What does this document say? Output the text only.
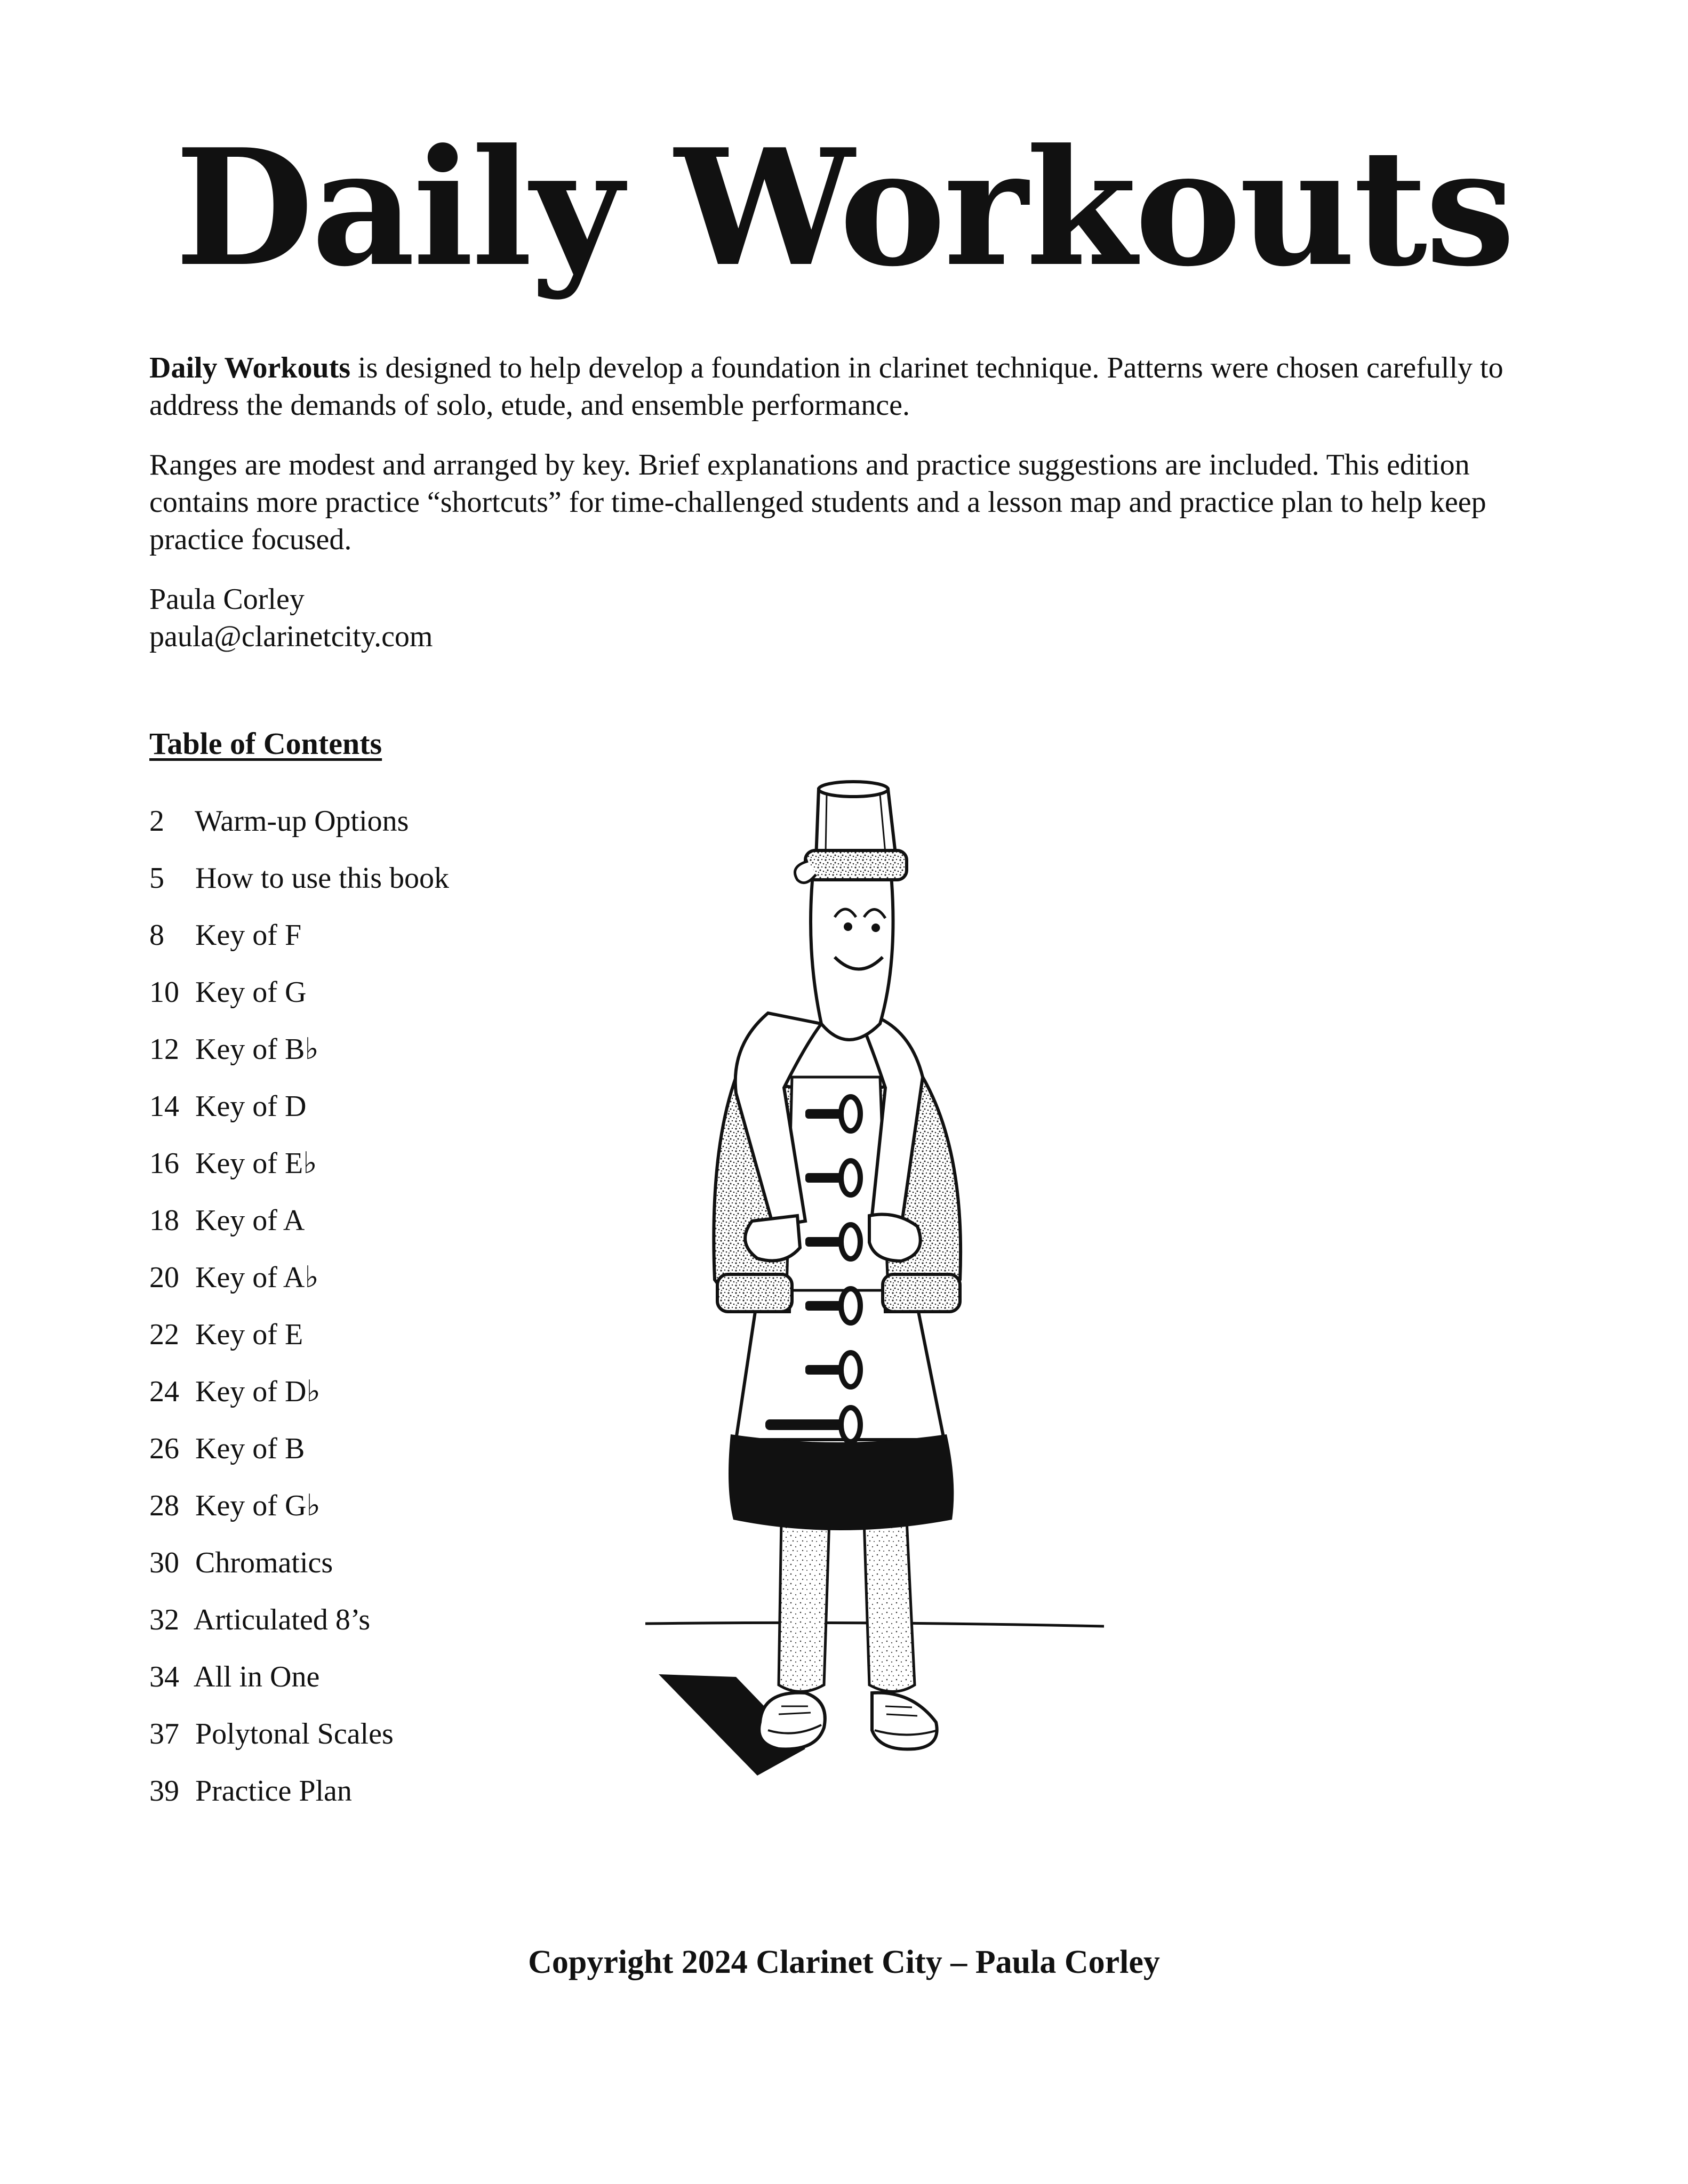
Daily Workouts

Daily Workouts is designed to help develop a foundation in clarinet technique. Patterns were chosen carefully to address the demands of solo, etude, and ensemble performance.

Ranges are modest and arranged by key. Brief explanations and practice suggestions are included. This edition contains more practice “shortcuts” for time-challenged students and a lesson map and practice plan to help keep practice focused.

Paula Corley
paula@clarinetcity.com
Table of Contents
2 Warm-up Options
5 How to use this book
8 Key of F
10 Key of G
12 Key of B♭
14 Key of D
16 Key of E♭
18 Key of A
20 Key of A♭
22 Key of E
24 Key of D♭
26 Key of B
28 Key of G♭
30 Chromatics
32 Articulated 8’s
34 All in One
37 Polytonal Scales
39 Practice Plan

Copyright 2024 Clarinet City – Paula Corley
